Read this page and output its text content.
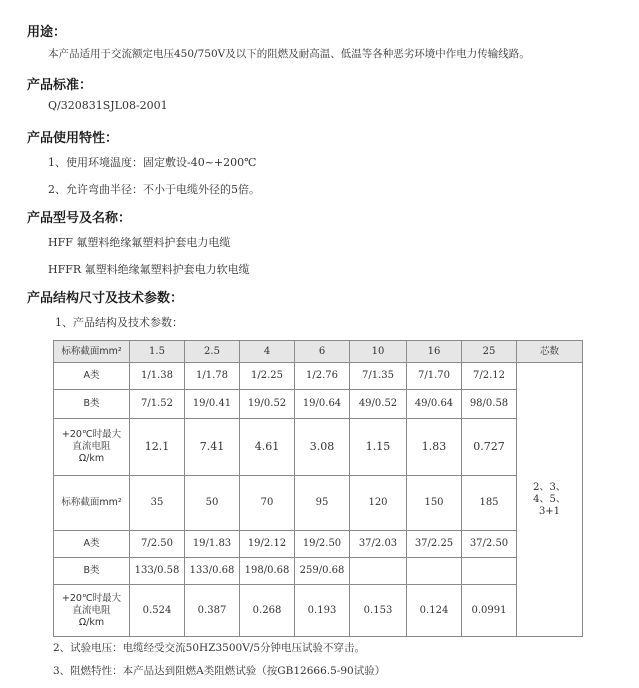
用途：
本产品适用于交流额定电压450/750V及以下的阻燃及耐高温、低温等各种恶劣环境中作电力传输线路。
产品标准：
Q/320831SJL08-2001
产品使用特性：
1、使用环境温度：固定敷设-40~+200℃
2、允许弯曲半径：不小于电缆外径的5倍。
产品型号及名称：
HFF 氟塑料绝缘氟塑料护套电力电缆
HFFR 氟塑料绝缘氟塑料护套电力软电缆
产品结构尺寸及技术参数：
1、产品结构及技术参数：
标称截面mm²	1.5	2.5	4	6	10	16	25	芯数
A类	1/1.38	1/1.78	1/2.25	1/2.76	7/1.35	7/1.70	7/2.12	2、3、
4、5、
3+1

B类	7/1.52	19/0.41	19/0.52	19/0.64	49/0.52	49/0.64	98/0.58	

+20℃时最大
直流电阻
Ω/km	12.1	7.41	4.61	3.08	1.15	1.83	0.727	
标称截面mm²	35	50	70	95	120	150	185	
A类	7/2.50	19/1.83	19/2.12	19/2.50	37/2.03	37/2.25	37/2.50	
B类	133/0.58	133/0.68	198/0.68	259/0.68				

+20℃时最大
直流电阻
Ω/km	0.524	0.387	0.268	0.193	0.153	0.124	0.0991	
2、试验电压：电缆经受交流50HZ3500V/5分钟电压试验不穿击。
3、阻燃特性：本产品达到阻燃A类阻燃试验（按GB12666.5-90试验）
